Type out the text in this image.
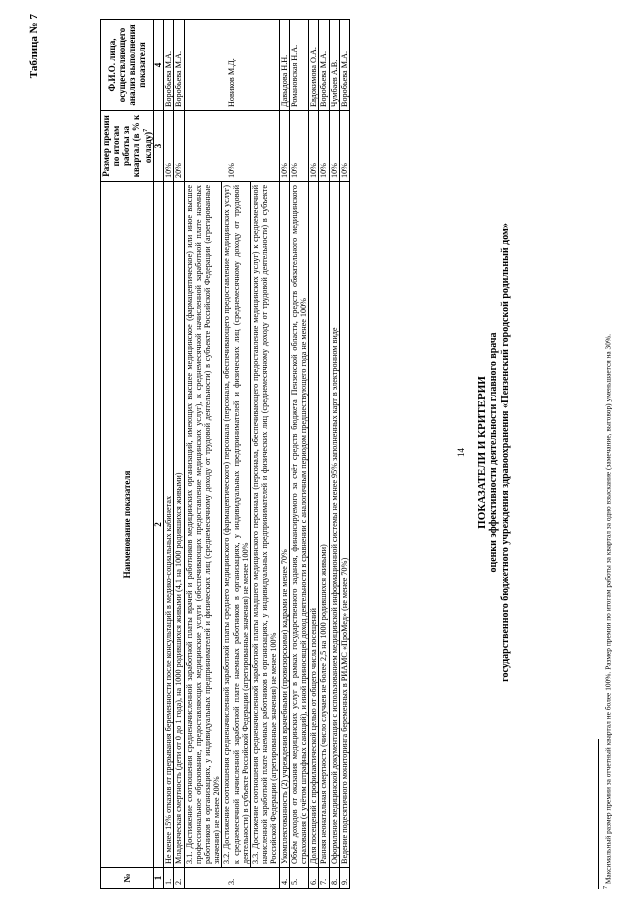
14
Таблица № 7
ПОКАЗАТЕЛИ И КРИТЕРИИ оценки эффективности деятельности главного врача государственного бюджетного учреждения здравоохранения «Пензенский городской родильный дом»
№	Наименование показателя	Размер премии по итогам работы за квартал (в % к окладу)$^7$	Ф.И.О. лица, осуществляющего анализ выполнения показателя
1	2	3	4
1.	Не менее 15% отказов от прерывания беременности после консультаций в медико-социальных кабинетах	10%	Воробьева М.А.
2.	Младенческая смертность (дети от 0 до 1 года), на 1000 родившихся живыми (4,1 на 1000 родившихся живыми)	20%	Воробьева М.А.
3.	3.1. Достижение соотношения средненачисленной заработной платы врачей и работников медицинских организаций, имеющих высшее медицинское (фармацевтическое) или иное высшее профессиональное образование, предоставляющих медицинские услуги (обеспечивающих предоставление медицинских услуг), к среднемесячной начисленной заработной плате наемных работников в организациях, у индивидуальных предпринимателей и физических лиц (среднемесячному доходу от трудовой деятельности) в субъекте Российской Федерации (агрегированные значения) не менее 200%	10%	Новиков М.Д.
	3.2. Достижение соотношения средненачисленной заработной платы среднего медицинского (фармацевтического) персонала (персонала, обеспечивающего предоставление медицинских услуг) к среднемесячной начисленной заработной плате наемных работников в организациях, у индивидуальных предпринимателей и физических лиц (среднемесячному доходу от трудовой деятельности) в субъекте Российской Федерации (агрегированные значения) не менее 100%		
	3.3. Достижение соотношения средненачисленной заработной платы младшего медицинского персонала (персонала, обеспечивающего предоставление медицинских услуг) к среднемесячной начисленной заработной плате наемных работников в организациях, у индивидуальных предпринимателей и физических лиц (среднемесячному доходу от трудовой деятельности) в субъекте Российской Федерации (агрегированные значения) не менее 100%		
4.	Укомплектованность (2) учреждения врачебными (провизорскими) кадрами не менее 70%	10%	Давыдова Н.Н.
5.	Объём доходов от оказания медицинских услуг в рамках государственного задания, финансируемого за счёт средств бюджета Пензенской области, средств обязательного медицинского страхования (с учётом штрафных санкций), и иной приносящей доход деятельности в сравнении с аналогичным периодом предшествующего года не менее 100%	10%	Романовская Н.А.
6.	Доля посещений с профилактической целью от общего числа посещений	10%	Евдокимова О.А.
7.	Ранняя неонатальная смертность (число случаев не более 2,5 на 1000 родившихся живыми)	10%	Воробьева М.А.
8.	Оформление медицинской документации с использованием медицинской информационной системы не менее 95% заполненных карт в электронном виде	10%	Чумбаев А.В.
9.	Ведение подесятичного мониторинга беременных в РИАМС «ПроМед» (не менее 70%)	10%	Воробьева М.А.
$^7$ Максимальный размер премии за отчетный квартал не более 100%. Размер премии по итогам работы за квартал за одно взыскание (замечание, выговор) уменьшается на 30%.
